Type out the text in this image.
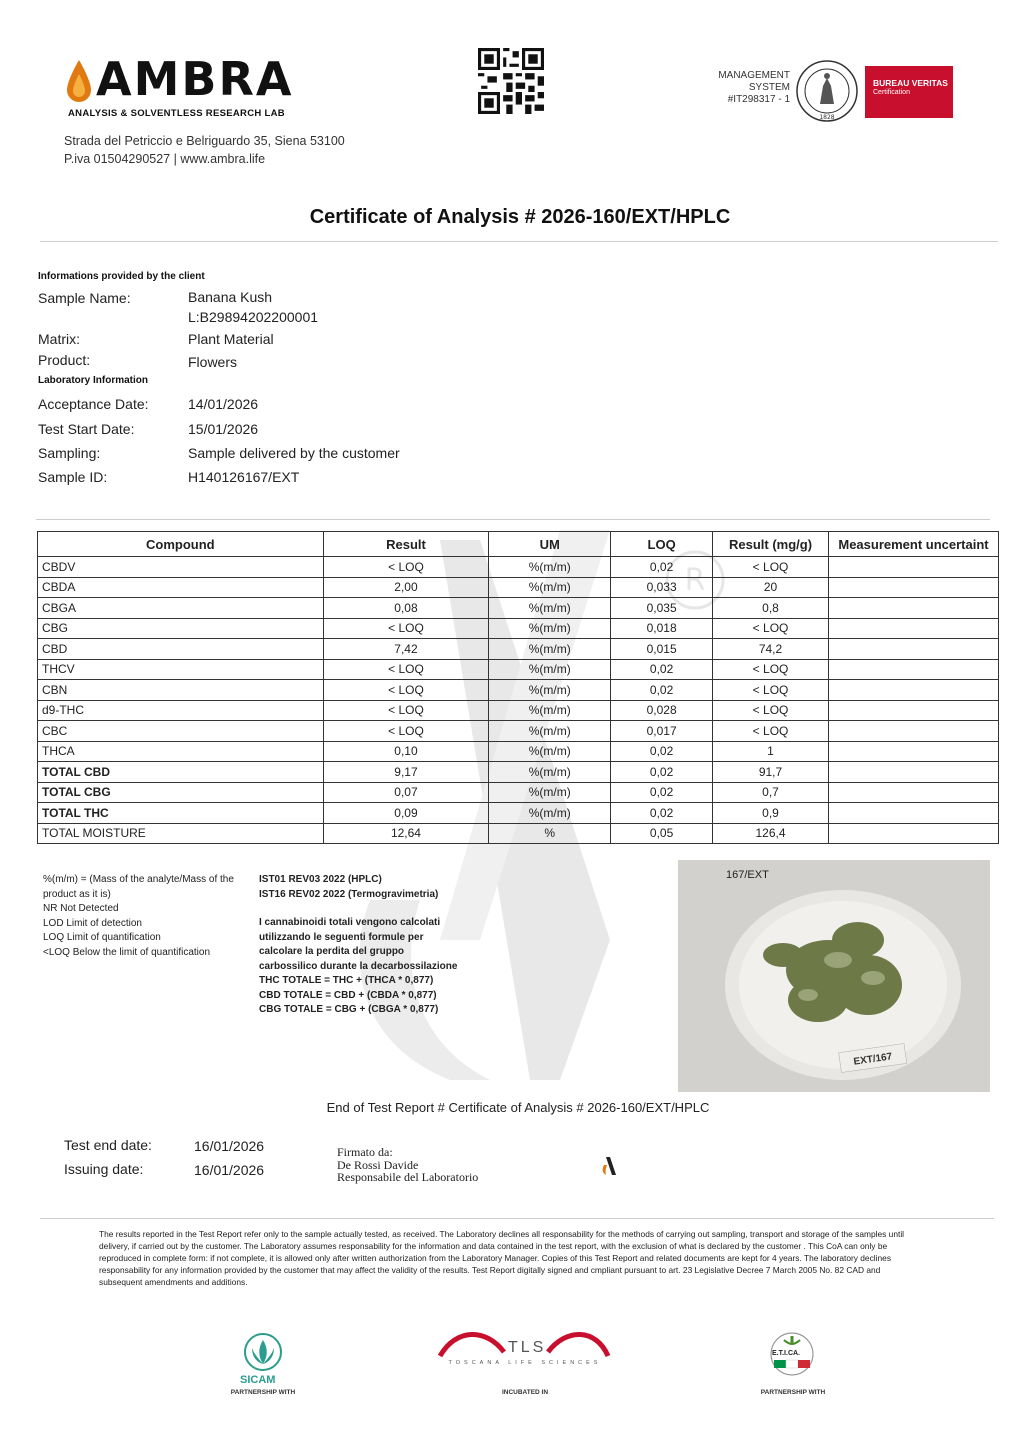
AMBRA
ANALYSIS & SOLVENTLESS RESEARCH LAB
Strada del Petriccio e Belriguardo 35, Siena 53100
P.iva 01504290527 | www.ambra.life
MANAGEMENT
SYSTEM
#IT298317 - 1
1828
BUREAU VERITAS
Certification
Certificate of Analysis # 2026-160/EXT/HPLC
Informations provided by the client
Sample Name:	Banana Kush
L:B29894202200001
Matrix:	Plant Material
Product:	Flowers
Laboratory Information
Acceptance Date:	14/01/2026
Test Start Date:	15/01/2026
Sampling:	Sample delivered by the customer
Sample ID:	H140126167/EXT
R
Compound	Result	UM	LOQ	Result (mg/g)	Measurement uncertaint
CBDV	< LOQ	%(m/m)	0,02	< LOQ	
CBDA	2,00	%(m/m)	0,033	20	
CBGA	0,08	%(m/m)	0,035	0,8	
CBG	< LOQ	%(m/m)	0,018	< LOQ	
CBD	7,42	%(m/m)	0,015	74,2	
THCV	< LOQ	%(m/m)	0,02	< LOQ	
CBN	< LOQ	%(m/m)	0,02	< LOQ	
d9-THC	< LOQ	%(m/m)	0,028	< LOQ	
CBC	< LOQ	%(m/m)	0,017	< LOQ	
THCA	0,10	%(m/m)	0,02	1	
TOTAL CBD	9,17	%(m/m)	0,02	91,7	
TOTAL CBG	0,07	%(m/m)	0,02	0,7	
TOTAL THC	0,09	%(m/m)	0,02	0,9	
TOTAL MOISTURE	12,64	%	0,05	126,4	
%(m/m) = (Mass of the analyte/Mass of the product as it is)
NR Not Detected
LOD Limit of detection
LOQ Limit of quantification
<LOQ Below the limit of quantification
IST01 REV03 2022 (HPLC)
IST16 REV02 2022 (Termogravimetria)
I cannabinoidi totali vengono calcolati utilizzando le seguenti formule per calcolare la perdita del gruppo carbossilico durante la decarbossilazione
THC TOTALE = THC + (THCA * 0,877)
CBD TOTALE = CBD + (CBDA * 0,877)
CBG TOTALE = CBG + (CBGA * 0,877)
167/EXT
EXT/167
End of Test Report # Certificate of Analysis # 2026-160/EXT/HPLC
Test end date:	16/01/2026
Issuing date:	16/01/2026
Firmato da:
De Rossi Davide
Responsabile del Laboratorio
The results reported in the Test Report refer only to the sample actually tested, as received. The Laboratory declines all responsability for the methods of carrying out sampling, transport and storage of the samples until delivery, if carried out by the customer. The Laboratory assumes responsability for the information and data contained in the test report, with the exclusion of what is declared by the customer . This CoA can only be reproduced in complete form: if not complete, it is allowed only after written authorization from the Laboratory Manager. Copies of this Test Report and related documents are kept for 4 years. The laboratory declines responsability for any information provided by the customer that may affect the validity of the results. Test Report digitally signed and cmpliant pursuant to art. 23 Legislative Decree 7 March 2005 No. 82 CAD and subsequent amendments and additions.
SICAM
PARTNERSHIP WITH
TLS
TOSCANA LIFE SCIENCES
INCUBATED IN
E.T.I.CA.
PARTNERSHIP WITH
